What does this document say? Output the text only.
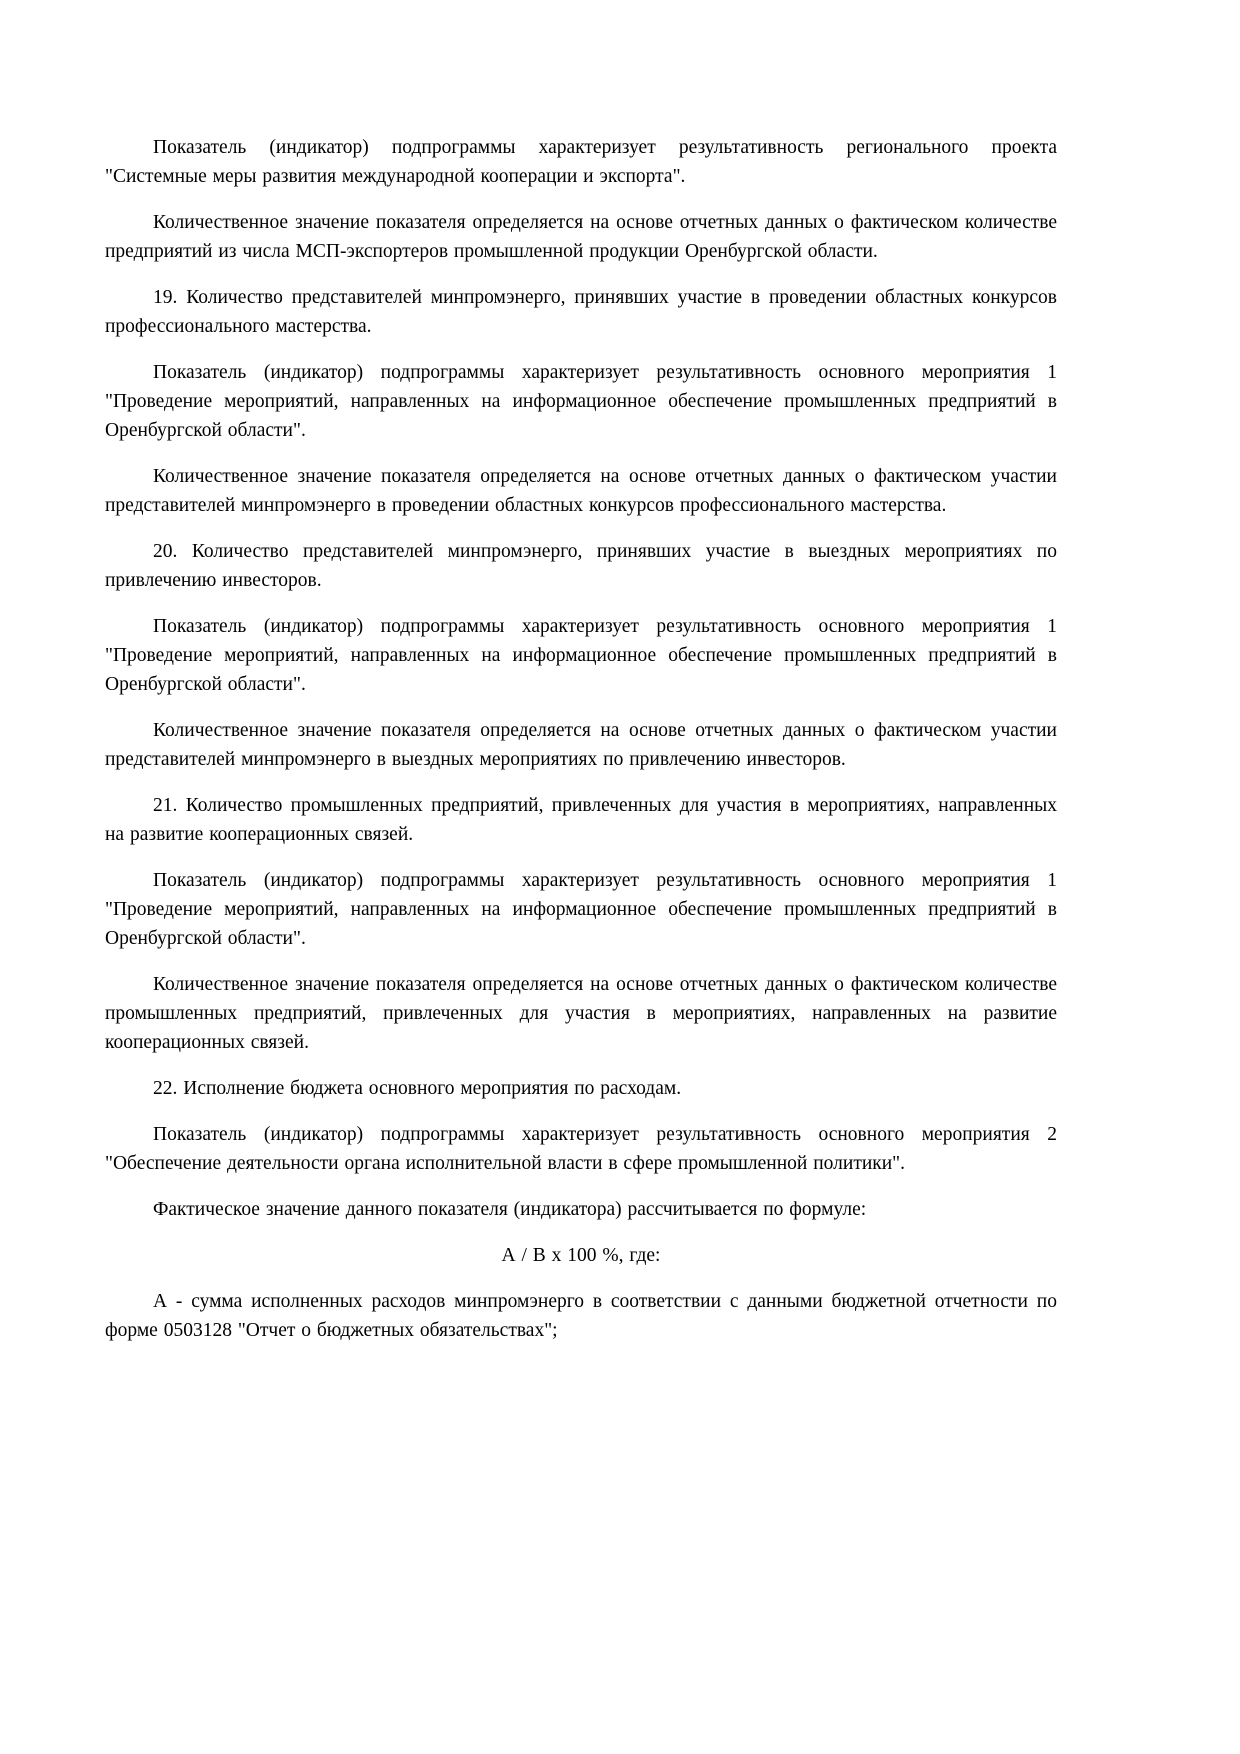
Показатель (индикатор) подпрограммы характеризует результативность регионального проекта "Системные меры развития международной кооперации и экспорта".

Количественное значение показателя определяется на основе отчетных данных о фактическом количестве предприятий из числа МСП-экспортеров промышленной продукции Оренбургской области.

19. Количество представителей минпромэнерго, принявших участие в проведении областных конкурсов профессионального мастерства.

Показатель (индикатор) подпрограммы характеризует результативность основного мероприятия 1 "Проведение мероприятий, направленных на информационное обеспечение промышленных предприятий в Оренбургской области".

Количественное значение показателя определяется на основе отчетных данных о фактическом участии представителей минпромэнерго в проведении областных конкурсов профессионального мастерства.

20. Количество представителей минпромэнерго, принявших участие в выездных мероприятиях по привлечению инвесторов.

Показатель (индикатор) подпрограммы характеризует результативность основного мероприятия 1 "Проведение мероприятий, направленных на информационное обеспечение промышленных предприятий в Оренбургской области".

Количественное значение показателя определяется на основе отчетных данных о фактическом участии представителей минпромэнерго в выездных мероприятиях по привлечению инвесторов.

21. Количество промышленных предприятий, привлеченных для участия в мероприятиях, направленных на развитие кооперационных связей.

Показатель (индикатор) подпрограммы характеризует результативность основного мероприятия 1 "Проведение мероприятий, направленных на информационное обеспечение промышленных предприятий в Оренбургской области".

Количественное значение показателя определяется на основе отчетных данных о фактическом количестве промышленных предприятий, привлеченных для участия в мероприятиях, направленных на развитие кооперационных связей.

22. Исполнение бюджета основного мероприятия по расходам.

Показатель (индикатор) подпрограммы характеризует результативность основного мероприятия 2 "Обеспечение деятельности органа исполнительной власти в сфере промышленной политики".

Фактическое значение данного показателя (индикатора) рассчитывается по формуле:

А / В х 100 %, где:

А - сумма исполненных расходов минпромэнерго в соответствии с данными бюджетной отчетности по форме 0503128 "Отчет о бюджетных обязательствах";
